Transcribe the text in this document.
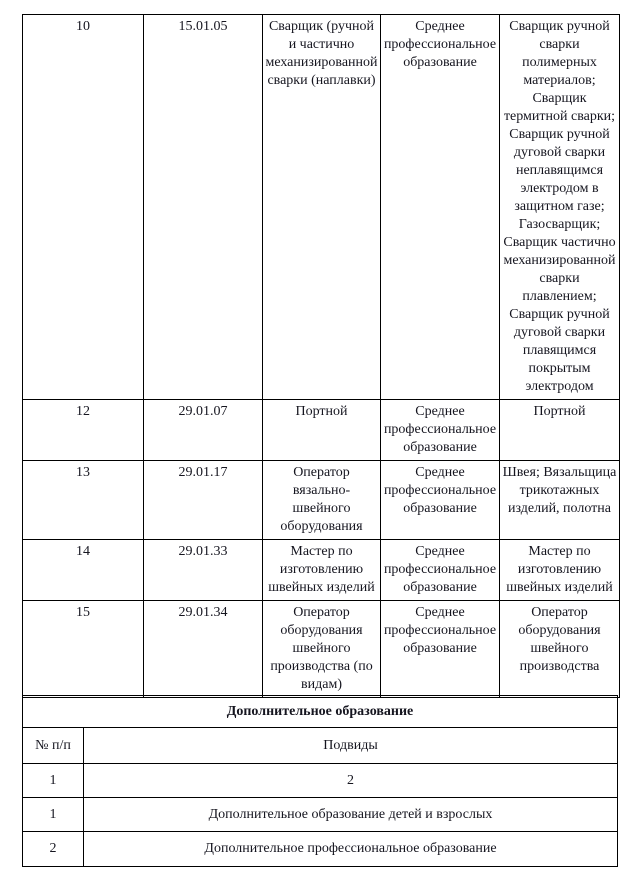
10	15.01.05	Сварщик (ручной и частично механизированной сварки (наплавки)	Среднее профессиональное образование	Сварщик ручной сварки полимерных материалов; Сварщик термитной сварки; Сварщик ручной дуговой сварки неплавящимся электродом в защитном газе; Газосварщик; Сварщик частично механизированной сварки плавлением; Сварщик ручной дуговой сварки плавящимся покрытым электродом
12	29.01.07	Портной	Среднее профессиональное образование	Портной
13	29.01.17	Оператор вязально-швейного оборудования	Среднее профессиональное образование	Швея; Вязальщица трикотажных изделий, полотна
14	29.01.33	Мастер по изготовлению швейных изделий	Среднее профессиональное образование	Мастер по изготовлению швейных изделий
15	29.01.34	Оператор оборудования швейного производства (по видам)	Среднее профессиональное образование	Оператор оборудования швейного производства
Дополнительное образование	
№ п/п	Подвиды
1	2
1	Дополнительное образование детей и взрослых
2	Дополнительное профессиональное образование
